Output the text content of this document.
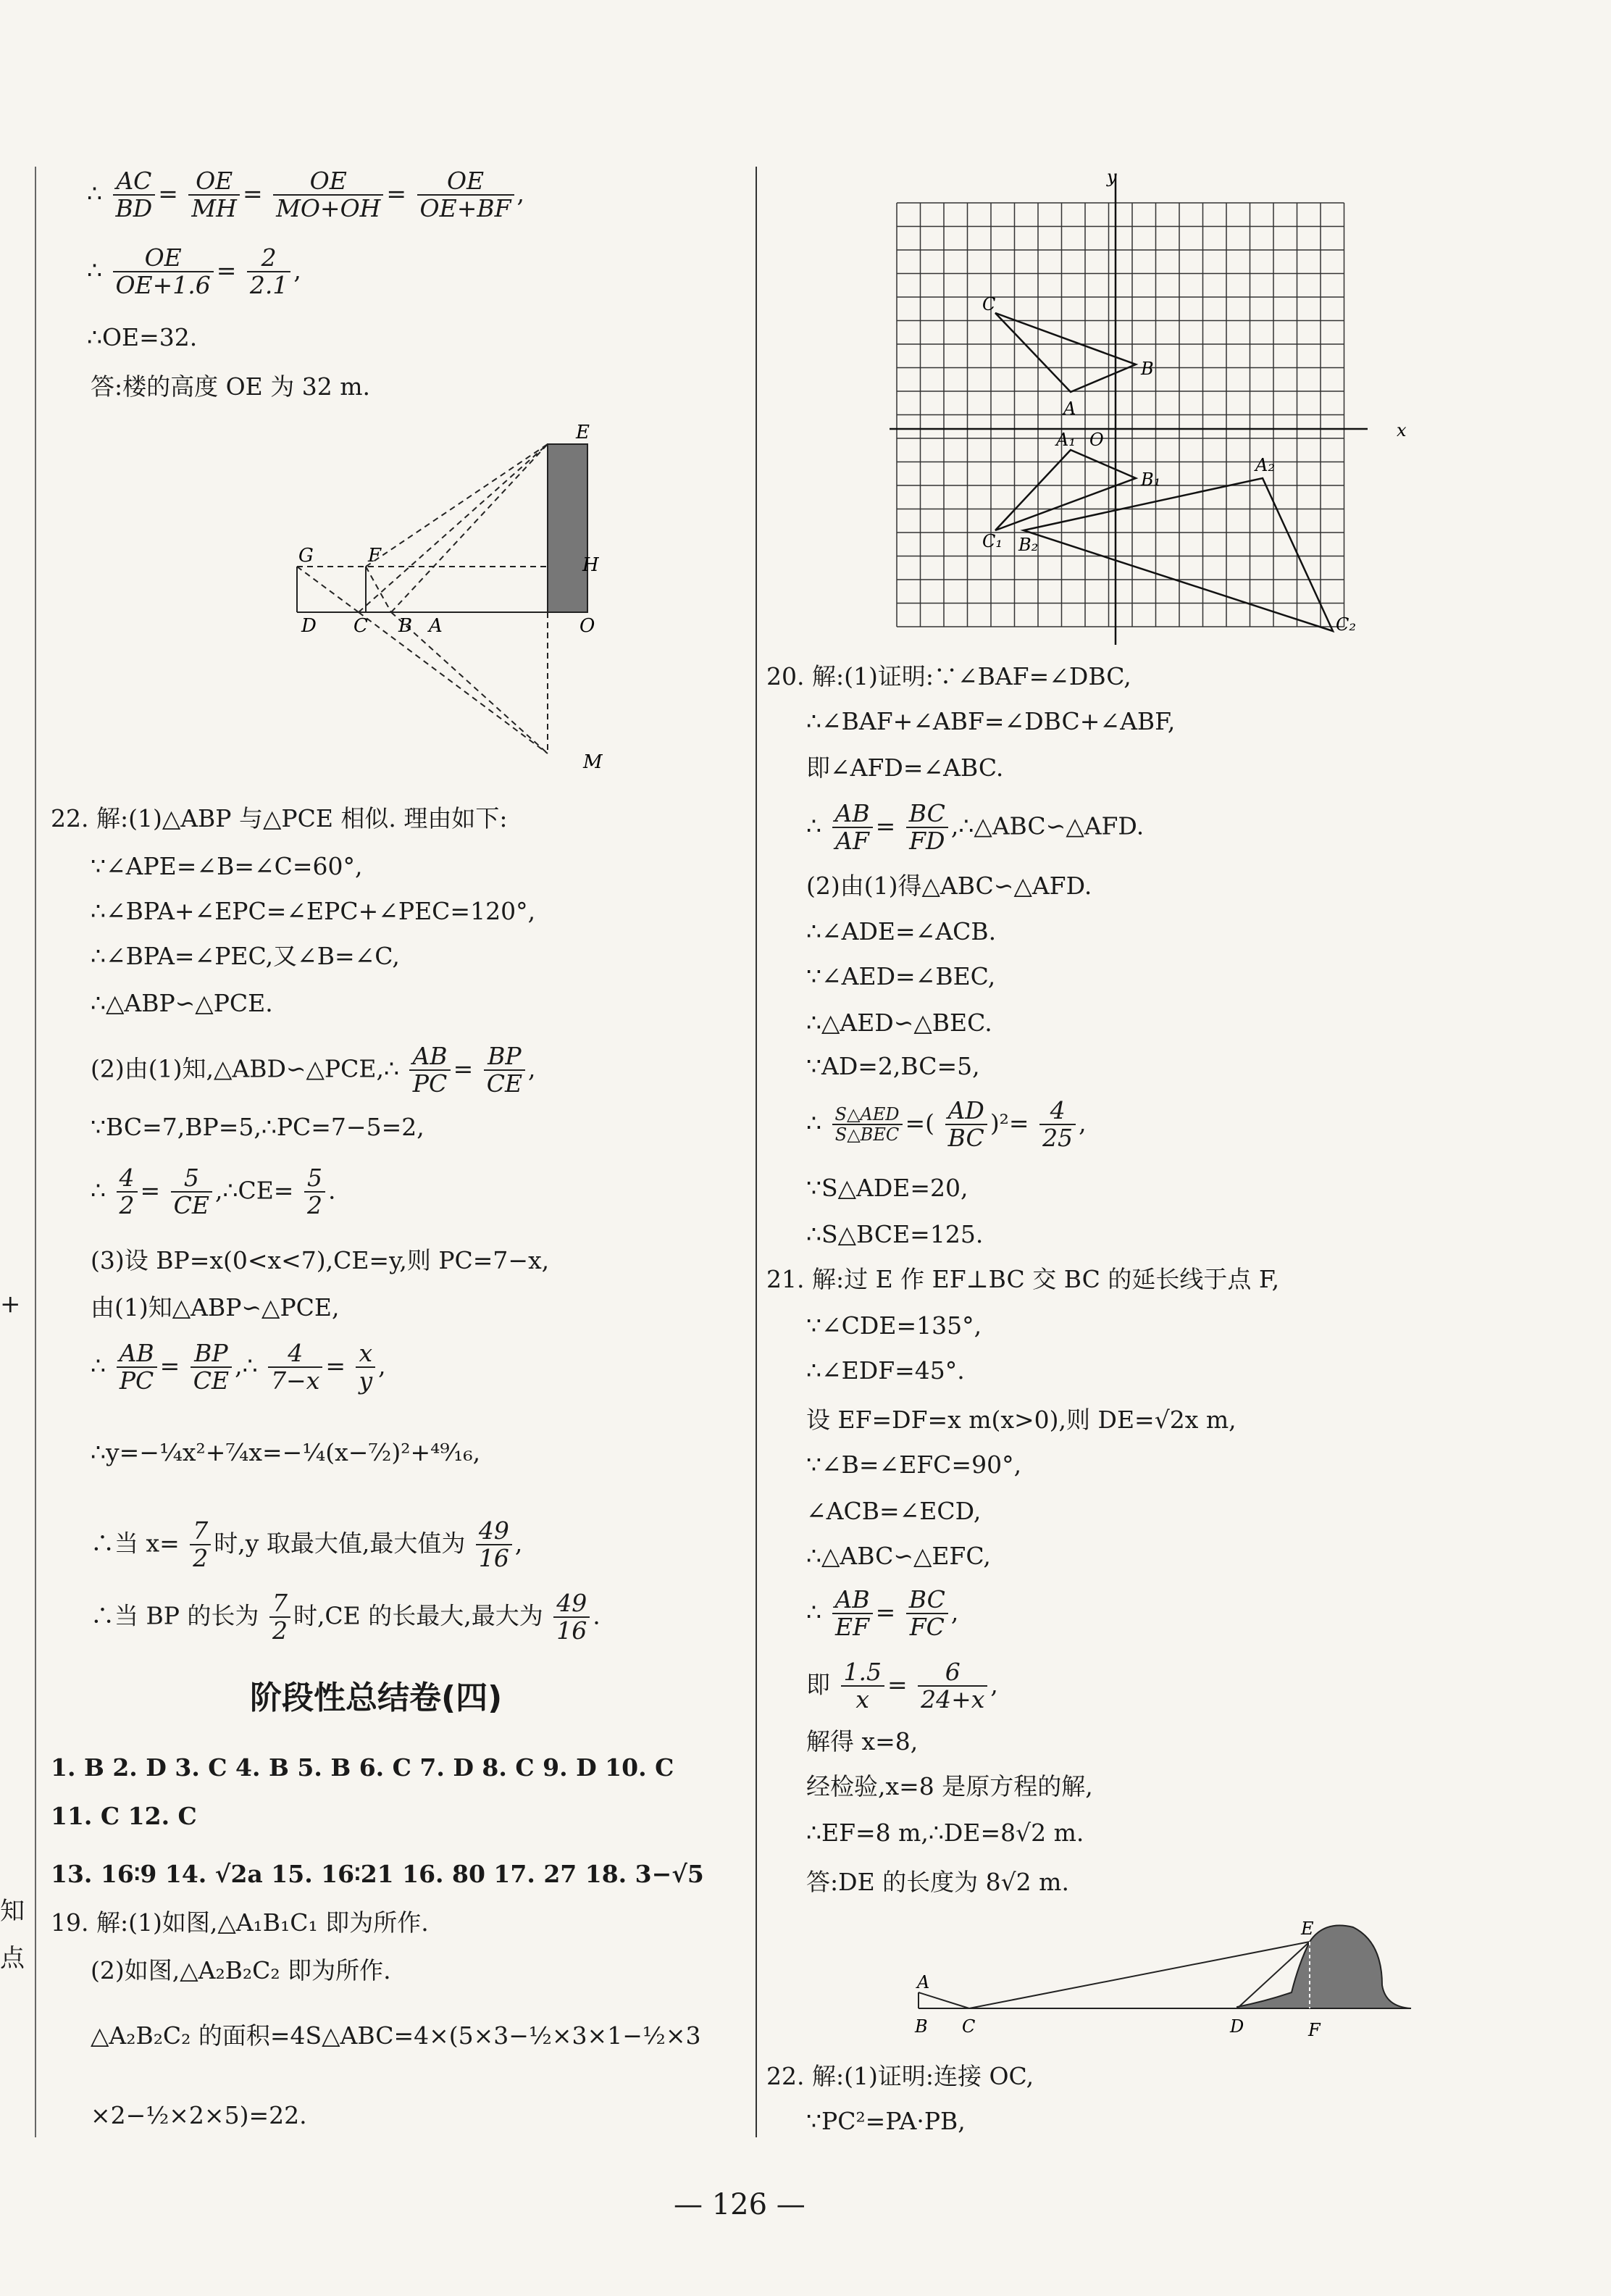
+
知
点
∴ $\frac{AC}{BD} = \frac{OE}{MH} = \frac{OE}{MO+OH} = \frac{OE}{OE+BF}$ ,
∴ $\frac{OE}{OE+1.6} = \frac{2}{2.1}$ ,
∴OE=32.
答:楼的高度 OE 为 32 m.
E
G	F	H
D C B A	O
M
22. 解:(1)△ABP 与△PCE 相似. 理由如下:
∵∠APE=∠B=∠C=60°,
∴∠BPA+∠EPC=∠EPC+∠PEC=120°,
∴∠BPA=∠PEC,又∠B=∠C,
∴△ABP∽△PCE.
(2)由(1)知,△ABD∽△PCE,∴ $\frac{AB}{PC} = \frac{BP}{CE}$ ,
∵BC=7,BP=5,∴PC=7−5=2,
∴ $\frac{4}{2} = \frac{5}{CE}$ ,∴CE= $\frac{5}{2}$ .
(3)设 BP=x(0<x<7),CE=y,则 PC=7−x,
由(1)知△ABP∽△PCE,
∴ $\frac{AB}{PC} = \frac{BP}{CE}$ ,∴ $\frac{4}{7-x} = \frac{x}{y}$ ,
∴y=−¼x²+⁷⁄₄x=−¼(x−⁷⁄₂)²+⁴⁹⁄₁₆,
∴当 $x= \frac{7}{2}$ 时,y 取最大值,最大值为 $\frac{49}{16}$ ,
∴当 BP 的长为 $\frac{7}{2}$ 时,CE 的长最大,最大为 $\frac{49}{16}$ .
阶段性总结卷(四)
1. B 2. D 3. C 4. B 5. B 6. C 7. D 8. C 9. D 10. C
11. C 12. C
13. 16∶9 14. √2a 15. 16∶21 16. 80 17. 27 18. 3−√5
19. 解:(1)如图,△A₁B₁C₁ 即为所作.
(2)如图,△A₂B₂C₂ 即为所作.
△A₂B₂C₂ 的面积=4S△ABC=4×(5×3−½×3×1−½×3
×2−½×2×5)=22.
y
x
C
B
A
A₁ O
B₁
A₂
C₁ B₂
C₂
20. 解:(1)证明:∵∠BAF=∠DBC,
∴∠BAF+∠ABF=∠DBC+∠ABF,
即∠AFD=∠ABC.
∴ $\frac{AB}{AF} = \frac{BC}{FD}$ ,∴△ABC∽△AFD.
(2)由(1)得△ABC∽△AFD.
∴∠ADE=∠ACB.
∵∠AED=∠BEC,
∴△AED∽△BEC.
∵AD=2,BC=5,
∴ $\frac{\text{S△AED}}{\text{S△BEC}}$ =( $\frac{AD}{BC} )^2= \frac{4}{25}$ ,
∵S△ADE=20,
∴S△BCE=125.
21. 解:过 E 作 EF⊥BC 交 BC 的延长线于点 F,
∵∠CDE=135°,
∴∠EDF=45°.
设 EF=DF=x m(x>0),则 DE=√2x m,
∵∠B=∠EFC=90°,
∠ACB=∠ECD,
∴△ABC∽△EFC,
∴ $\frac{AB}{EF} = \frac{BC}{FC}$ ,
即 $\frac{1.5}{x} = \frac{6}{24+x}$ ,
解得 x=8,
经检验,x=8 是原方程的解,
∴EF=8 m,∴DE=8√2 m.
答:DE 的长度为 8√2 m.
E
A
B C	D	F
22. 解:(1)证明:连接 OC,
∵PC²=PA·PB,
— 126 —
